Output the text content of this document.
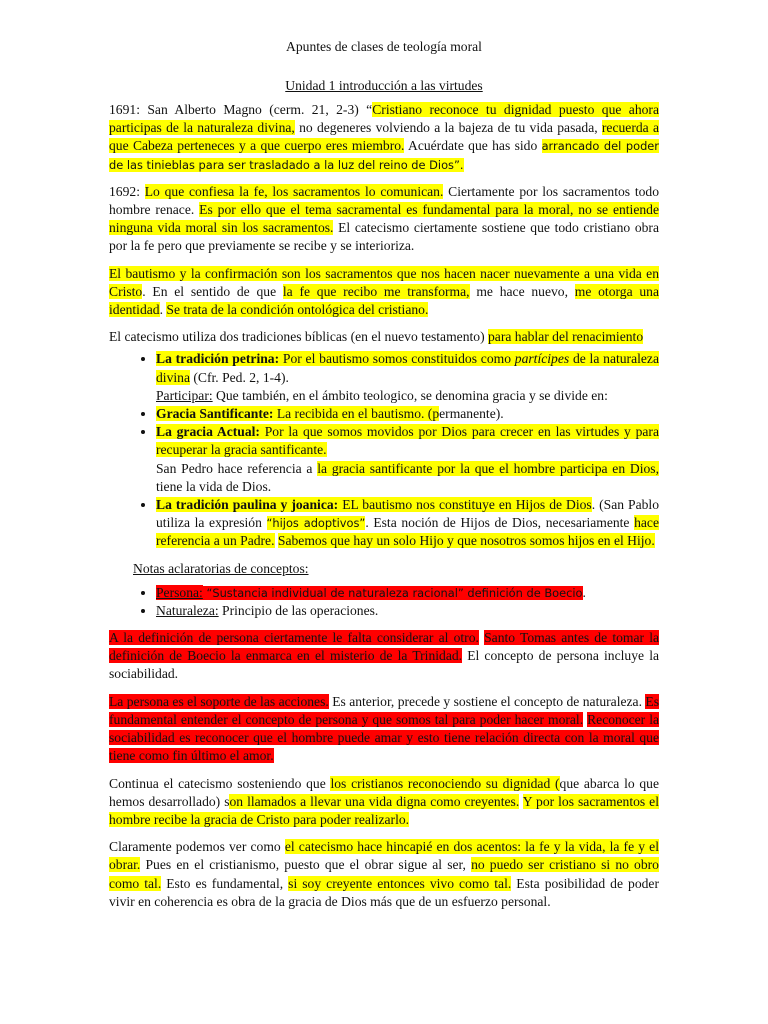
Apuntes de clases de teología moral
Unidad 1 introducción a las virtudes

1691: San Alberto Magno (cerm. 21, 2-3) “Cristiano reconoce tu dignidad puesto que ahora participas de la naturaleza divina, no degeneres volviendo a la bajeza de tu vida pasada, recuerda a que Cabeza perteneces y a que cuerpo eres miembro. Acuérdate que has sido arrancado del poder de las tinieblas para ser trasladado a la luz del reino de Dios”.

1692: Lo que confiesa la fe, los sacramentos lo comunican. Ciertamente por los sacramentos todo hombre renace. Es por ello que el tema sacramental es fundamental para la moral, no se entiende ninguna vida moral sin los sacramentos. El catecismo ciertamente sostiene que todo cristiano obra por la fe pero que previamente se recibe y se interioriza.

El bautismo y la confirmación son los sacramentos que nos hacen nacer nuevamente a una vida en Cristo. En el sentido de que la fe que recibo me transforma, me hace nuevo, me otorga una identidad. Se trata de la condición ontológica del cristiano.

El catecismo utiliza dos tradiciones bíblicas (en el nuevo testamento) para hablar del renacimiento

• La tradición petrina: Por el bautismo somos constituidos como partícipes de la naturaleza divina (Cfr. Ped. 2, 1-4).
Participar: Que también, en el ámbito teologico, se denomina gracia y se divide en:
• Gracia Santificante: La recibida en el bautismo. (permanente).
• La gracia Actual: Por la que somos movidos por Dios para crecer en las virtudes y para recuperar la gracia santificante.
San Pedro hace referencia a la gracia santificante por la que el hombre participa en Dios, tiene la vida de Dios.
• La tradición paulina y joanica: EL bautismo nos constituye en Hijos de Dios. (San Pablo utiliza la expresión “hijos adoptivos”. Esta noción de Hijos de Dios, necesariamente hace referencia a un Padre. Sabemos que hay un solo Hijo y que nosotros somos hijos en el Hijo.
Notas aclaratorias de conceptos:
• Persona: “Sustancia individual de naturaleza racional” definición de Boecio.
• Naturaleza: Principio de las operaciones.

A la definición de persona ciertamente le falta considerar al otro. Santo Tomas antes de tomar la definición de Boecio la enmarca en el misterio de la Trinidad. El concepto de persona incluye la sociabilidad.

La persona es el soporte de las acciones. Es anterior, precede y sostiene el concepto de naturaleza. Es fundamental entender el concepto de persona y que somos tal para poder hacer moral. Reconocer la sociabilidad es reconocer que el hombre puede amar y esto tiene relación directa con la moral que tiene como fin último el amor.

Continua el catecismo sosteniendo que los cristianos reconociendo su dignidad (que abarca lo que hemos desarrollado) son llamados a llevar una vida digna como creyentes. Y por los sacramentos el hombre recibe la gracia de Cristo para poder realizarlo.

Claramente podemos ver como el catecismo hace hincapié en dos acentos: la fe y la vida, la fe y el obrar. Pues en el cristianismo, puesto que el obrar sigue al ser, no puedo ser cristiano si no obro como tal. Esto es fundamental, si soy creyente entonces vivo como tal. Esta posibilidad de poder vivir en coherencia es obra de la gracia de Dios más que de un esfuerzo personal.
